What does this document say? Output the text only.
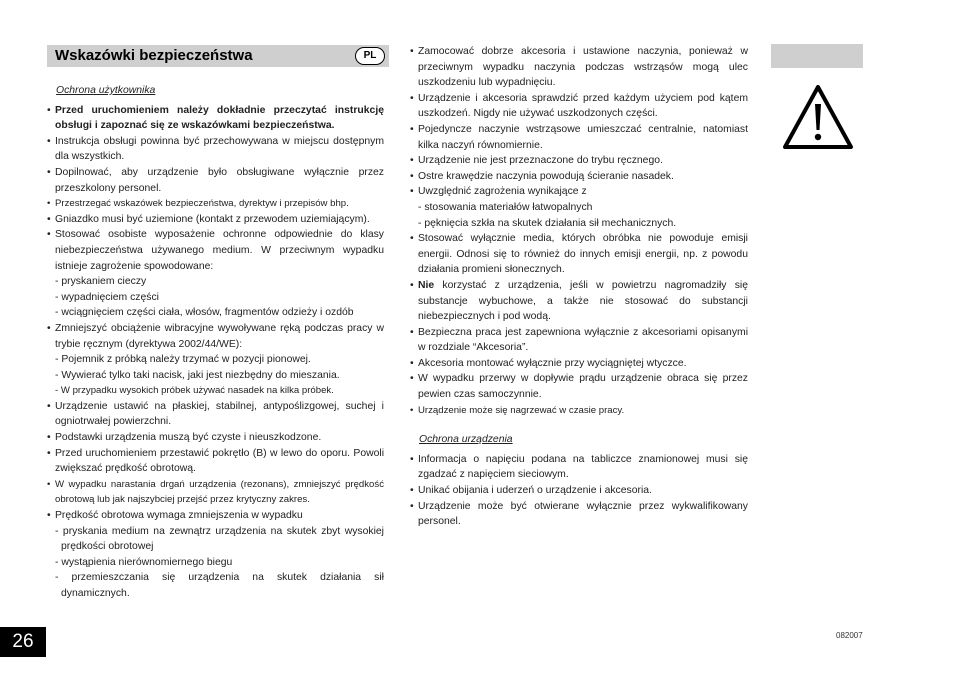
Wskazówki bezpieczeństwa	PL
Ochrona użytkownika
• Przed uruchomieniem należy dokładnie przeczytać instrukcję obsługi i zapoznać się ze wskazówkami bezpieczeństwa.
• Instrukcja obsługi powinna być przechowywana w miejscu dostępnym dla wszystkich.
• Dopilnować, aby urządzenie było obsługiwane wyłącznie przez przeszkolony personel.
• Przestrzegać wskazówek bezpieczeństwa, dyrektyw i przepisów bhp.
• Gniazdko musi być uziemione (kontakt z przewodem uziemiającym).
• Stosować osobiste wyposażenie ochronne odpowiednie do klasy niebezpieczeństwa używanego medium. W przeciwnym wypadku istnieje zagrożenie spowodowane:
- pryskaniem cieczy
- wypadnięciem części
- wciągnięciem części ciała, włosów, fragmentów odzieży i ozdób
• Zmniejszyć obciążenie wibracyjne wywoływane ręką podczas pracy w trybie ręcznym (dyrektywa 2002/44/WE):
- Pojemnik z próbką należy trzymać w pozycji pionowej.
- Wywierać tylko taki nacisk, jaki jest niezbędny do mieszania.
- W przypadku wysokich próbek używać nasadek na kilka próbek.
• Urządzenie ustawić na płaskiej, stabilnej, antypoślizgowej, suchej i ogniotrwałej powierzchni.
• Podstawki urządzenia muszą być czyste i nieuszkodzone.
• Przed uruchomieniem przestawić pokrętło (B) w lewo do oporu. Powoli zwiększać prędkość obrotową.
• W wypadku narastania drgań urządzenia (rezonans), zmniejszyć prędkość obrotową lub jak najszybciej przejść przez krytyczny zakres.
• Prędkość obrotowa wymaga zmniejszenia w wypadku
- pryskania medium na zewnątrz urządzenia na skutek zbyt wysokiej prędkości obrotowej
- wystąpienia nierównomiernego biegu
- przemieszczania się urządzenia na skutek działania sił dynamicznych.
• Zamocować dobrze akcesoria i ustawione naczynia, ponieważ w przeciwnym wypadku naczynia podczas wstrząsów mogą ulec uszkodzeniu lub wypadnięciu.
• Urządzenie i akcesoria sprawdzić przed każdym użyciem pod kątem uszkodzeń. Nigdy nie używać uszkodzonych części.
• Pojedyncze naczynie wstrząsowe umieszczać centralnie, natomiast kilka naczyń równomiernie.
• Urządzenie nie jest przeznaczone do trybu ręcznego.
• Ostre krawędzie naczynia powodują ścieranie nasadek.
• Uwzględnić zagrożenia wynikające z
- stosowania materiałów łatwopalnych
- pęknięcia szkła na skutek działania sił mechanicznych.
• Stosować wyłącznie media, których obróbka nie powoduje emisji energii. Odnosi się to również do innych emisji energii, np. z powodu działania promieni słonecznych.
• Nie korzystać z urządzenia, jeśli w powietrzu nagromadziły się substancje wybuchowe, a także nie stosować do substancji niebezpiecznych i pod wodą.
• Bezpieczna praca jest zapewniona wyłącznie z akcesoriami opisanymi w rozdziale “Akcesoria”.
• Akcesoria montować wyłącznie przy wyciągniętej wtyczce.
• W wypadku przerwy w dopływie prądu urządzenie obraca się przez pewien czas samoczynnie.
• Urządzenie może się nagrzewać w czasie pracy.
Ochrona urządzenia
• Informacja o napięciu podana na tabliczce znamionowej musi się zgadzać z napięciem sieciowym.
• Unikać obijania i uderzeń o urządzenie i akcesoria.
• Urządzenie może być otwierane wyłącznie przez wykwalifikowany personel.
26	082007
